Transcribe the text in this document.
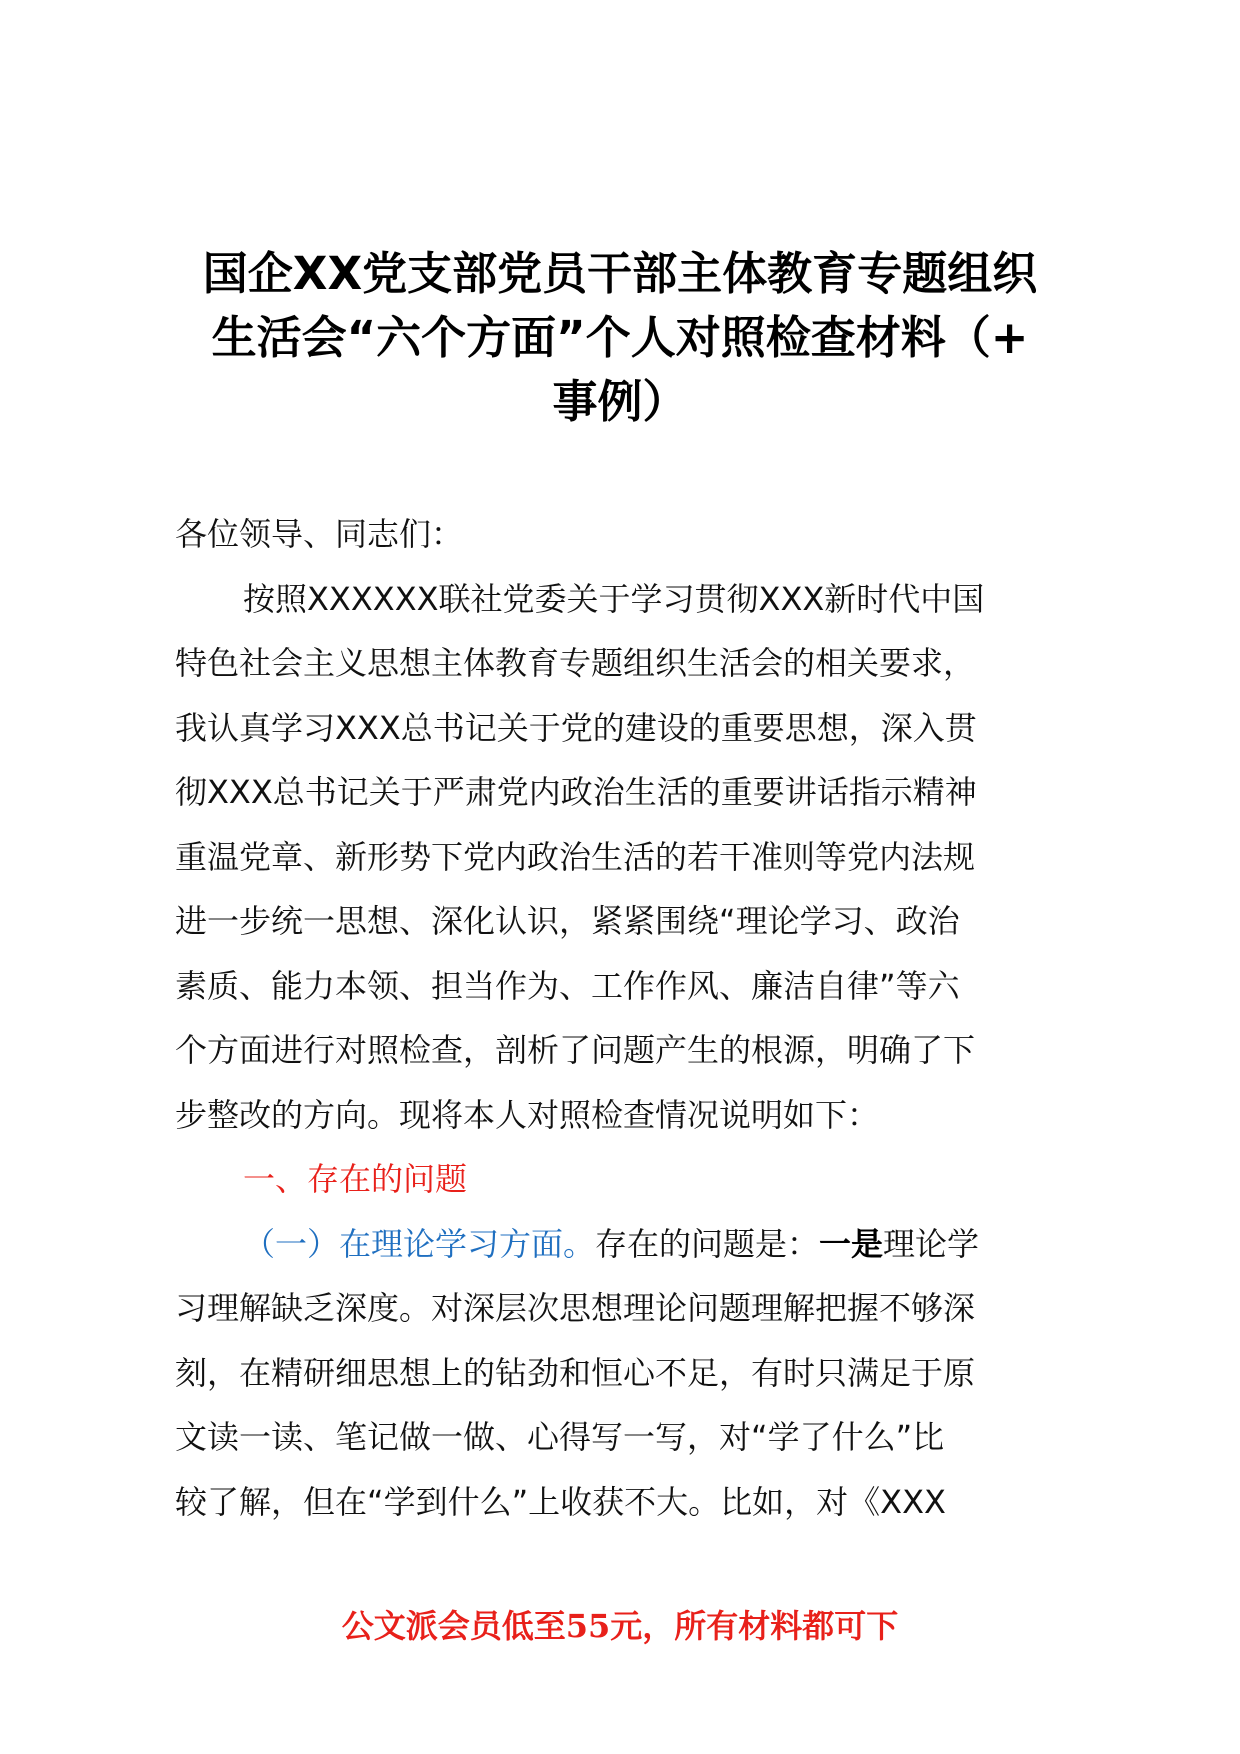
国企XX党支部党员干部主体教育专题组织
生活会“六个方面”个人对照检查材料（+
事例）
各位领导、同志们：
按照XXXXXX联社党委关于学习贯彻XXX新时代中国
特色社会主义思想主体教育专题组织生活会的相关要求，
我认真学习XXX总书记关于党的建设的重要思想，深入贯
彻XXX总书记关于严肃党内政治生活的重要讲话指示精神
重温党章、新形势下党内政治生活的若干准则等党内法规
进一步统一思想、深化认识，紧紧围绕“理论学习、政治
素质、能力本领、担当作为、工作作风、廉洁自律”等六
个方面进行对照检查，剖析了问题产生的根源，明确了下
步整改的方向。现将本人对照检查情况说明如下：
一、存在的问题
（一）在理论学习方面。存在的问题是：一是理论学
习理解缺乏深度。对深层次思想理论问题理解把握不够深
刻，在精研细思想上的钻劲和恒心不足，有时只满足于原
文读一读、笔记做一做、心得写一写，对“学了什么”比
较了解，但在“学到什么”上收获不大。比如，对《XXX
公文派会员低至55元，所有材料都可下
